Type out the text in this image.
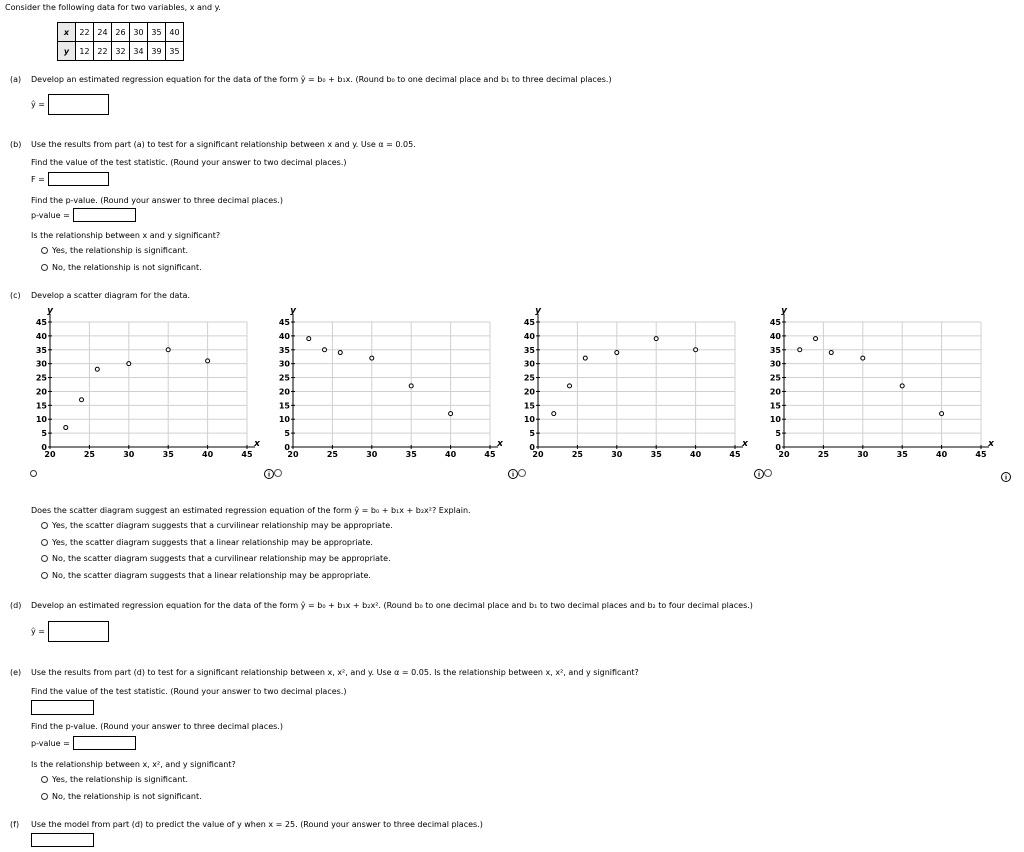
Consider the following data for two variables, x and y.
x	22	24	26	30	35	40
y	12	22	32	34	39	35
(a) Develop an estimated regression equation for the data of the form ŷ = b₀ + b₁x. (Round b₀ to one decimal place and b₁ to three decimal places.)
ŷ =
(b) Use the results from part (a) to test for a significant relationship between x and y. Use α = 0.05.
Find the value of the test statistic. (Round your answer to two decimal places.)
F =
Find the p-value. (Round your answer to three decimal places.)
p-value =
Is the relationship between x and y significant?
Yes, the relationship is significant.
No, the relationship is not significant.
(c) Develop a scatter diagram for the data.
y
x
0
5
10
15
20
25
30
35
40
45
20	25	30	35	40	45
y
x
0
5
10
15
20
25
30
35
40
45
20	25	30	35	40	45
y
x
0
5
10
15
20
25
30
35
40
45
20	25	30	35	40	45
y
x
0
5
10
15
20
25
30
35
40
45
20	25	30	35	40	45
i	i	i	i
Does the scatter diagram suggest an estimated regression equation of the form ŷ = b₀ + b₁x + b₂x²? Explain.
Yes, the scatter diagram suggests that a curvilinear relationship may be appropriate.
Yes, the scatter diagram suggests that a linear relationship may be appropriate.
No, the scatter diagram suggests that a curvilinear relationship may be appropriate.
No, the scatter diagram suggests that a linear relationship may be appropriate.
(d) Develop an estimated regression equation for the data of the form ŷ = b₀ + b₁x + b₂x². (Round b₀ to one decimal place and b₁ to two decimal places and b₂ to four decimal places.)
ŷ =
(e) Use the results from part (d) to test for a significant relationship between x, x², and y. Use α = 0.05. Is the relationship between x, x², and y significant?
Find the value of the test statistic. (Round your answer to two decimal places.)
Find the p-value. (Round your answer to three decimal places.)
p-value =
Is the relationship between x, x², and y significant?
Yes, the relationship is significant.
No, the relationship is not significant.
(f) Use the model from part (d) to predict the value of y when x = 25. (Round your answer to three decimal places.)
